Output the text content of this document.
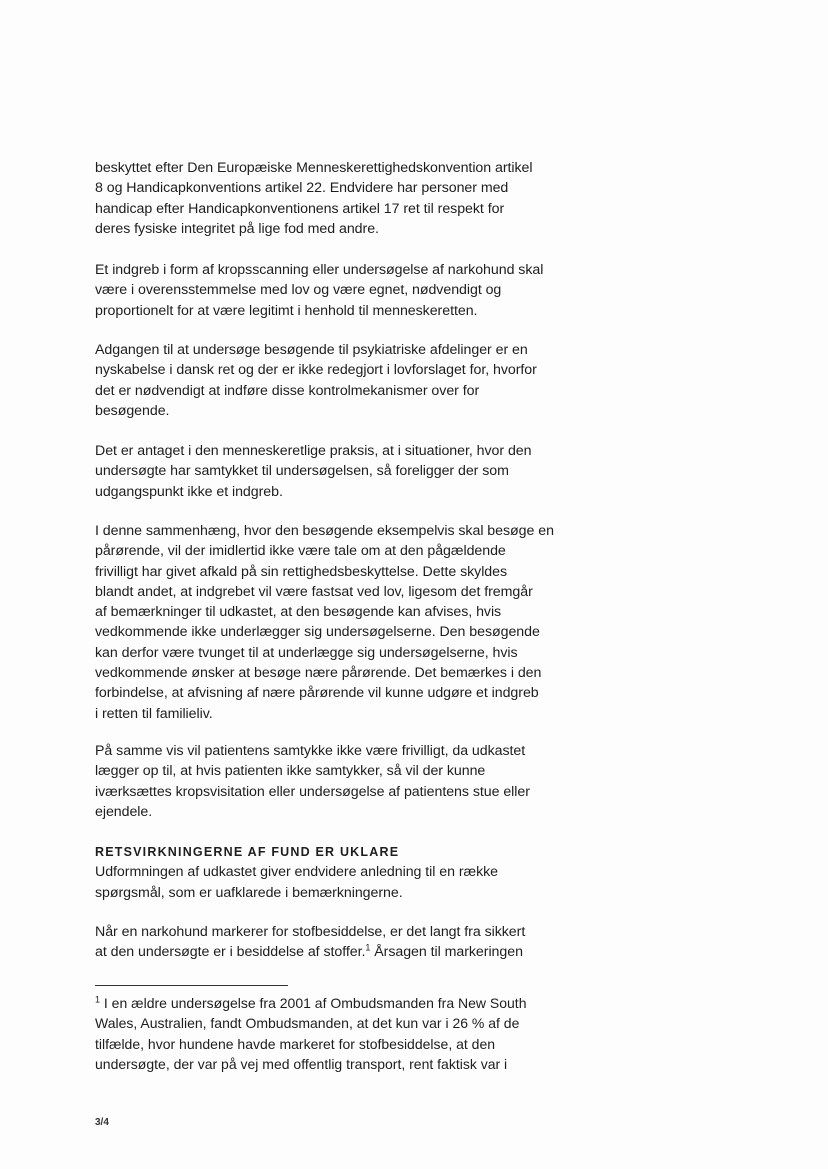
beskyttet efter Den Europæiske Menneskerettighedskonvention artikel

8 og Handicapkonventions artikel 22. Endvidere har personer med

handicap efter Handicapkonventionens artikel 17 ret til respekt for

deres fysiske integritet på lige fod med andre.

Et indgreb i form af kropsscanning eller undersøgelse af narkohund skal

være i overensstemmelse med lov og være egnet, nødvendigt og

proportionelt for at være legitimt i henhold til menneskeretten.

Adgangen til at undersøge besøgende til psykiatriske afdelinger er en

nyskabelse i dansk ret og der er ikke redegjort i lovforslaget for, hvorfor

det er nødvendigt at indføre disse kontrolmekanismer over for

besøgende.

Det er antaget i den menneskeretlige praksis, at i situationer, hvor den

undersøgte har samtykket til undersøgelsen, så foreligger der som

udgangspunkt ikke et indgreb.

I denne sammenhæng, hvor den besøgende eksempelvis skal besøge en

pårørende, vil der imidlertid ikke være tale om at den pågældende

frivilligt har givet afkald på sin rettighedsbeskyttelse. Dette skyldes

blandt andet, at indgrebet vil være fastsat ved lov, ligesom det fremgår

af bemærkninger til udkastet, at den besøgende kan afvises, hvis

vedkommende ikke underlægger sig undersøgelserne. Den besøgende

kan derfor være tvunget til at underlægge sig undersøgelserne, hvis

vedkommende ønsker at besøge nære pårørende. Det bemærkes i den

forbindelse, at afvisning af nære pårørende vil kunne udgøre et indgreb

i retten til familieliv.

På samme vis vil patientens samtykke ikke være frivilligt, da udkastet

lægger op til, at hvis patienten ikke samtykker, så vil der kunne

iværksættes kropsvisitation eller undersøgelse af patientens stue eller

ejendele.

RETSVIRKNINGERNE AF FUND ER UKLARE

Udformningen af udkastet giver endvidere anledning til en række

spørgsmål, som er uafklarede i bemærkningerne.

Når en narkohund markerer for stofbesiddelse, er det langt fra sikkert

at den undersøgte er i besiddelse af stoffer.$^1$ Årsagen til markeringen

$^1$ I en ældre undersøgelse fra 2001 af Ombudsmanden fra New South

Wales, Australien, fandt Ombudsmanden, at det kun var i 26 % af de

tilfælde, hvor hundene havde markeret for stofbesiddelse, at den

undersøgte, der var på vej med offentlig transport, rent faktisk var i

3/4
